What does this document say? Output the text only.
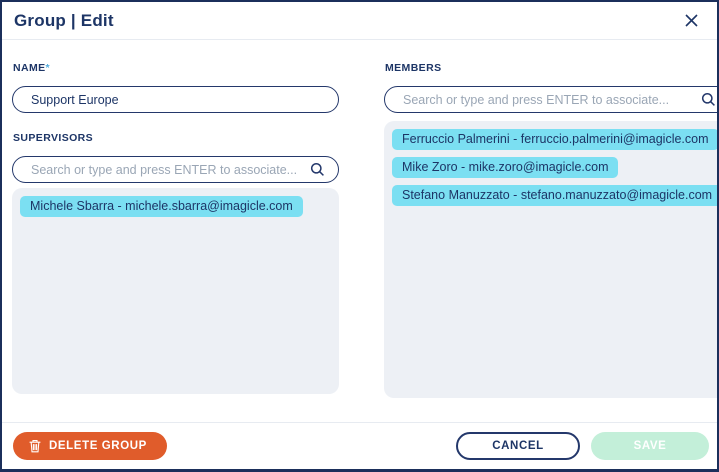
Group | Edit
NAME*
Support Europe
SUPERVISORS
Search or type and press ENTER to associate...
Michele Sbarra - michele.sbarra@imagicle.com
MEMBERS
Search or type and press ENTER to associate...
Ferruccio Palmerini - ferruccio.palmerini@imagicle.com
Mike Zoro - mike.zoro@imagicle.com
Stefano Manuzzato - stefano.manuzzato@imagicle.com
DELETE GROUP	CANCEL	SAVE
